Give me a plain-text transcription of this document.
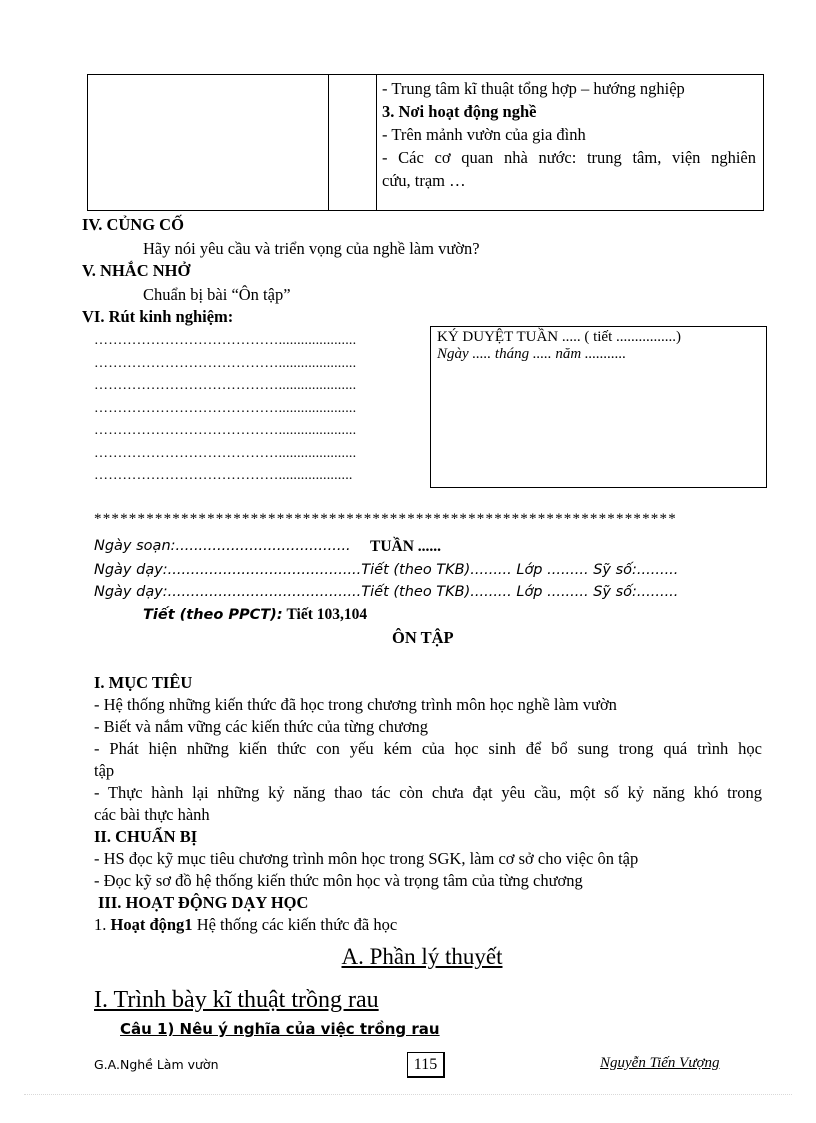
- Trung tâm kĩ thuật tổng hợp – hướng nghiệp
3. Nơi hoạt động nghề
- Trên mảnh vườn của gia đình
- Các cơ quan nhà nước: trung tâm, viện nghiên
cứu, trạm …
IV. CỦNG CỐ
Hãy nói yêu cầu và triển vọng của nghề làm vườn?
V. NHẮC NHỞ
Chuẩn bị bài “Ôn tập”
VI. Rút kinh nghiệm:
………………………………….....................
………………………………….....................
………………………………….....................
………………………………….....................
………………………………….....................
………………………………….....................
…………………………………....................
KÝ DUYỆT TUẦN ..... ( tiết ................)
Ngày ..... tháng ..... năm ...........
*******************************************************************
Ngày soạn:...................................... TUẦN ......
Ngày dạy:..........................................Tiết (theo TKB)......... Lớp ......... Sỹ số:.........
Ngày dạy:..........................................Tiết (theo TKB)......... Lớp ......... Sỹ số:.........
Tiết (theo PPCT): Tiết 103,104
ÔN TẬP
I. MỤC TIÊU
- Hệ thống những kiến thức đã học trong chương trình môn học nghề làm vườn
- Biết và nắm vững các kiến thức của từng chương
- Phát hiện những kiến thức con yếu kém của học sinh để bổ sung trong quá trình học
tập
- Thực hành lại những kỷ năng thao tác còn chưa đạt yêu cầu, một số kỷ năng khó trong
các bài thực hành
II. CHUẨN BỊ
- HS đọc kỹ mục tiêu chương trình môn học trong SGK, làm cơ sở cho việc ôn tập
- Đọc kỹ sơ đồ hệ thống kiến thức môn học và trọng tâm của từng chương
III. HOẠT ĐỘNG DẠY HỌC
1. Hoạt động1 Hệ thống các kiến thức đã học
A. Phần lý thuyết
I. Trình bày kĩ thuật trồng rau
Câu 1) Nêu ý nghĩa của việc trồng rau
G.A.Nghề Làm vườn	115	Nguyễn Tiến Vượng
